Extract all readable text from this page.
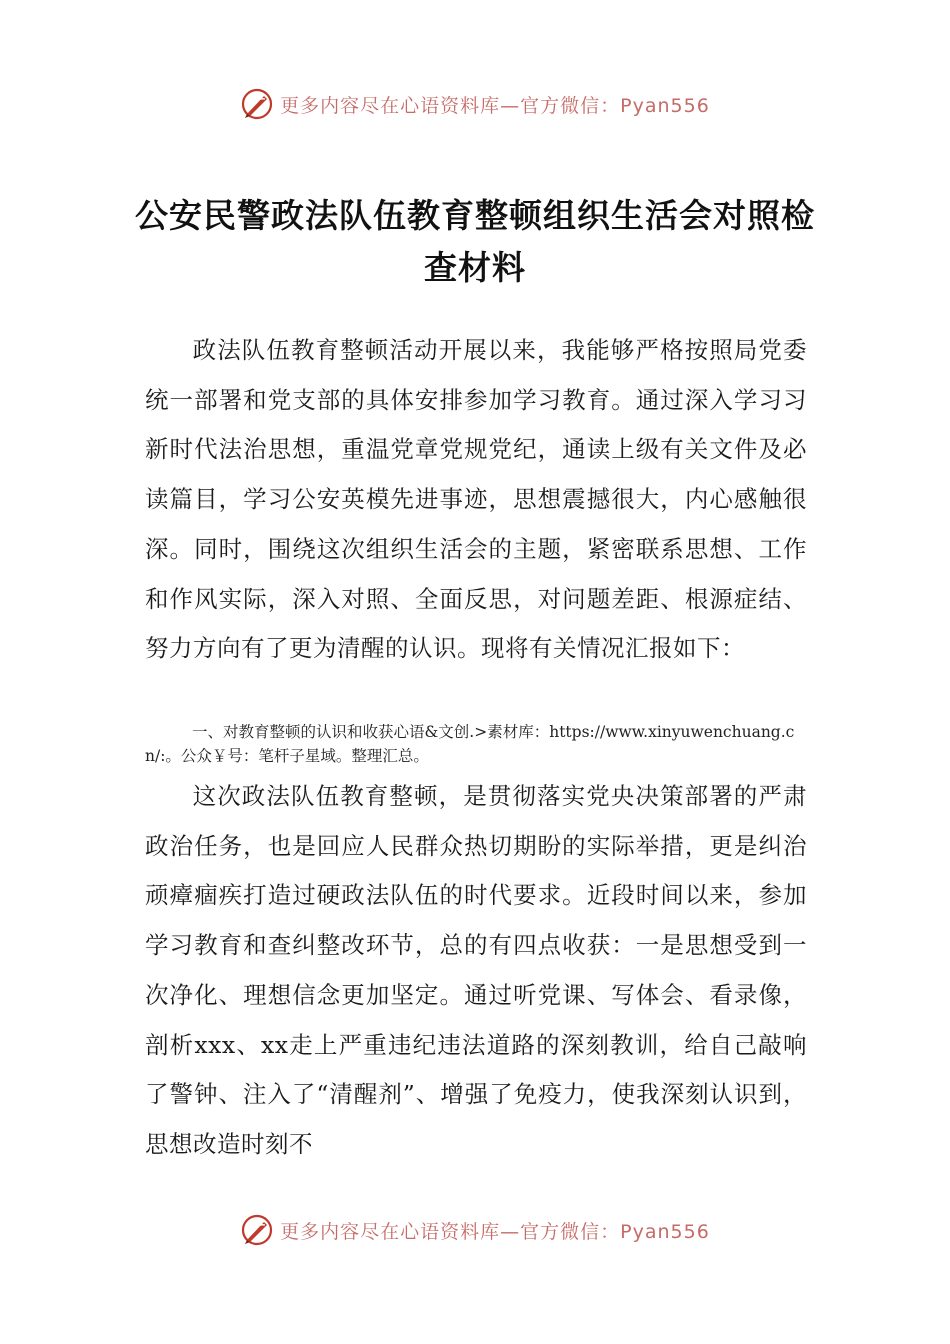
更多内容尽在心语资料库—官方微信：Pyan556
公安民警政法队伍教育整顿组织生活会对照检查材料

政法队伍教育整顿活动开展以来，我能够严格按照局党委统一部署和党支部的具体安排参加学习教育。通过深入学习习新时代法治思想，重温党章党规党纪，通读上级有关文件及必读篇目，学习公安英模先进事迹，思想震撼很大，内心感触很深。同时，围绕这次组织生活会的主题，紧密联系思想、工作和作风实际，深入对照、全面反思，对问题差距、根源症结、努力方向有了更为清醒的认识。现将有关情况汇报如下：

一、对教育整顿的认识和收获心语&文创.>素材库：https://www.xinyuwenchuang.cn/:。公众￥号：笔杆子星域。整理汇总。

这次政法队伍教育整顿，是贯彻落实党央决策部署的严肃政治任务，也是回应人民群众热切期盼的实际举措，更是纠治顽瘴痼疾打造过硬政法队伍的时代要求。近段时间以来，参加学习教育和查纠整改环节，总的有四点收获：一是思想受到一次净化、理想信念更加坚定。通过听党课、写体会、看录像，剖析xxx、xx走上严重违纪违法道路的深刻教训，给自己敲响了警钟、注入了“清醒剂”、增强了免疫力，使我深刻认识到，思想改造时刻不

更多内容尽在心语资料库—官方微信：Pyan556
